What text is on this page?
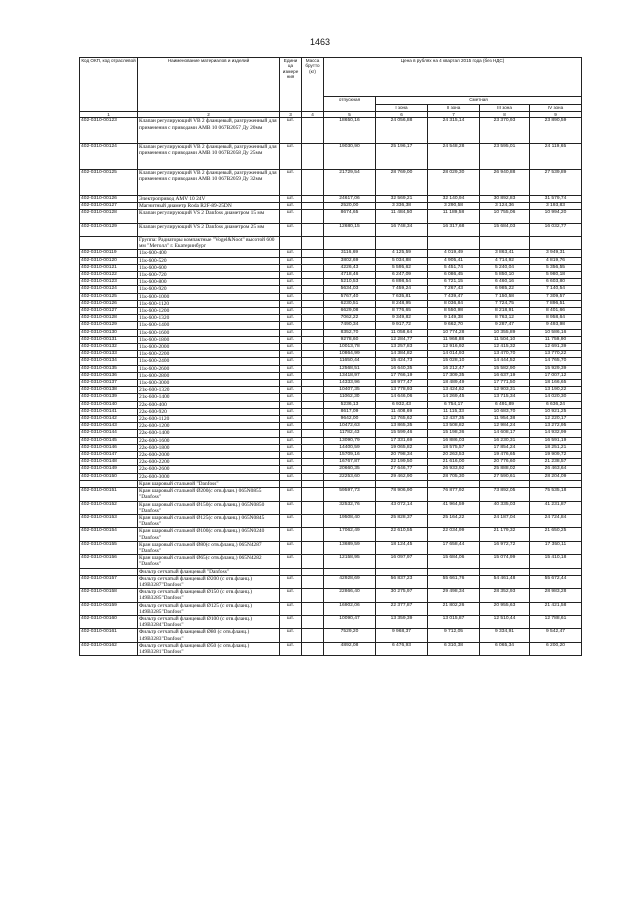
1463
Код ОКП, код отраслевой	Наименование материалов и изделий	Едини ца измере ния	Масса брутто (кг)	Цена в рублях на 4 квартал 2015 года (без НДС)				
				отпускная	Сметная			
					I зона	II зона	III зона	IV зона
1	2	3	4	5	6	7	8	9
402-0310-00123	Клапан регулирующий VB 2 фланцевый, разгруженный для применения с приводами AMB 10 067B2057 Ду 20мм	шт.		18650,16	24 056,88	24 315,14	23 370,93	23 890,59
402-0310-00124	Клапан регулирующий VB 2 фланцевый, разгруженный для применения с приводами AMB 10 067B2058 Ду 25мм	шт.		19030,90	25 196,17	24 548,28	23 595,01	24 119,65
402-0310-00125	Клапан регулирующий VB 2 фланцевый, разгруженный для применения с приводами AMB 10 067B2059 Ду 32мм	шт.		21729,54	28 769,00	28 029,30	26 940,88	27 539,89
402-0310-00126	Электропривод AMV 10 24V	шт.		24617,06	32 569,21	32 140,94	30 892,83	31 579,74
402-0310-00127	Магнитный диаметр Roda R2F-89-25DN	шт.		2520,00	3 336,38	3 290,58	3 124,36	3 193,83
402-0310-00128	Клапан регулирующий VS 2 Danfoss диаметром 15 мм	шт.		8674,65	11 484,50	11 189,58	10 755,06	10 994,20
402-0310-00129	Клапан регулирующий VS 2 Danfoss диаметром 25 мм	шт.		12680,15	16 748,34	16 317,68	15 684,03	16 032,77
	Группа: Радиаторы компактные "Vogel&Noot" высотой 600 мм "Метолл" г. Екатеринбург							
402-0310-00119	11к-600-400	шт.		3116,69	4 125,59	4 019,49	3 863,41	3 949,31
402-0310-00120	11к-600-520	шт.		3802,69	5 034,88	4 905,41	4 714,92	4 819,76
402-0310-00121	11к-600-600	шт.		4226,43	5 595,62	5 451,74	5 240,04	5 356,55
402-0310-00122	11к-600-720	шт.		4718,46	6 247,09	6 086,45	5 850,10	5 980,18
402-0310-00123	11к-600-800	шт.		5210,53	6 898,54	6 721,15	6 460,16	6 603,80
402-0310-00124	11к-600-920	шт.		5634,03	7 459,24	7 267,43	6 985,22	7 140,54
402-0310-00125	11к-600-1000	шт.		5767,40	7 635,81	7 439,47	7 150,58	7 309,57
402-0310-00126	11к-600-1120	шт.		6230,51	8 248,95	8 036,84	7 724,75	7 896,51
402-0310-00127	11к-600-1200	шт.		6629,08	8 776,65	8 550,98	8 218,91	8 401,66
402-0310-00128	11к-600-1320	шт.		7062,22	9 349,82	9 149,38	8 763,12	8 958,64
402-0310-00129	11к-600-1400	шт.		7490,34	9 917,72	9 662,70	9 287,47	9 493,98
402-0310-00130	11к-600-1600	шт.		8352,70	11 058,64	10 774,28	10 355,89	10 586,16
402-0310-00131	11к-600-1800	шт.		9278,60	12 284,77	11 968,88	11 504,10	11 759,90
402-0310-00132	11к-600-2000	шт.		10013,78	13 257,83	12 916,92	12 415,32	12 691,39
402-0310-00133	11к-600-2200	шт.		10864,99	14 384,82	14 014,93	13 470,70	13 770,22
402-0310-00134	11к-600-2400	шт.		11650,44	15 424,73	15 028,10	14 444,52	14 765,70
402-0310-00135	11к-600-2600	шт.		12568,51	16 640,35	16 212,47	15 582,90	15 929,39
402-0310-00136	11к-600-2800	шт.		13418,97	17 766,19	17 309,35	16 637,19	17 007,12
402-0310-00137	11к-600-3000	шт.		14333,96	18 977,47	18 489,49	17 771,50	18 166,65
402-0310-00138	21к-600-1320	шт.		10407,35	13 778,93	13 424,62	12 903,31	13 190,22
402-0310-00139	21к-600-1400	шт.		11062,30	14 646,06	14 269,45	13 715,34	14 020,30
402-0310-00140	22к-600-400	шт.		5236,13	6 932,43	6 754,17	6 491,89	6 636,24
402-0310-00141	22к-600-920	шт.		8617,09	11 408,69	11 115,33	10 683,70	10 921,25
402-0310-00142	22к-600-1120	шт.		9642,00	12 765,62	12 437,35	11 954,38	12 220,17
402-0310-00143	22к-600-1200	шт.		10472,63	13 865,35	13 508,82	12 984,24	13 272,95
402-0310-00144	22к-600-1400	шт.		11782,43	15 599,46	15 198,36	14 608,17	14 932,99
402-0310-00145	22к-600-1600	шт.		13090,79	17 331,69	16 886,03	16 230,31	16 591,19
402-0310-00146	22к-600-1800	шт.		14400,59	19 065,82	18 575,57	17 854,24	18 251,21
402-0310-00147	22к-600-2000	шт.		15709,16	20 798,34	20 263,53	19 476,65	19 909,72
402-0310-00148	22к-600-2200	шт.		16767,87	22 199,50	21 616,00	20 776,60	21 238,57
402-0310-00149	22к-600-2600	шт.		20660,35	27 646,77	26 933,92	25 888,02	26 463,64
402-0310-00150	22к-600-3000	шт.		22253,60	29 462,90	28 705,30	27 590,61	28 204,09
	Кран шаровый стальной "Danfoss"							
402-0310-00151	Кран шаровый стальной Ø200(с отв.флан.) 065N0855 "Danfoss"	шт.		59597,73	78 906,90	76 877,92	73 892,05	75 535,18
402-0310-00152	Кран шаровый стальной Ø150(с отв.фланц.) 065N0850 "Danfoss"	шт.		32532,76	43 072,14	41 964,59	40 335,03	41 231,87
402-0310-00153	Кран шаровый стальной Ø125(с отв.фланц.) 065N0845 "Danfoss"	шт.		19508,40	25 828,37	25 164,22	24 187,04	24 724,84
402-0310-00154	Кран шаровый стальной Ø100(с отв.фланц.) 065N0240 "Danfoss"	шт.		17062,49	22 610,55	22 034,99	21 179,32	21 650,25
402-0310-00155	Кран шаровый стальной Ø80(с отв.фланц.) 065N4287 "Danfoss"	шт.		13689,59	18 124,45	17 658,44	16 972,72	17 350,11
402-0310-00156	Кран шаровый стальной Ø65(с отв.фланц.) 065N4282 "Danfoss"	шт.		12158,95	16 097,97	15 684,06	15 074,99	15 410,18
	Фильтр сетчатый фланцевый "Danfoss"							
402-0310-00157	Фильтр сетчатый фланцевый Ø200 (с отв.фланц.) 149B3287"Danfoss"	шт.		42928,69	56 837,23	55 661,76	54 461,48	55 672,44
402-0310-00158	Фильтр сетчатый фланцевый Ø150 (с отв.фланц.) 149B3285"Danfoss"	шт.		22866,40	30 275,97	29 498,34	28 352,93	28 983,28
402-0310-00159	Фильтр сетчатый фланцевый Ø125 (с отв.фланц.) 149B3285"Danfoss"	шт.		16902,06	22 377,87	21 802,26	20 955,63	21 421,58
402-0310-00160	Фильтр сетчатый фланцевый Ø100 (с отв.фланц.) 149B3284"Danfoss"	шт.		10090,47	13 359,39	13 015,87	12 510,44	12 788,61
402-0310-00161	Фильтр сетчатый фланцевый Ø80 (с отв.фланц.) 149B3283"Danfoss"	шт.		7529,20	9 968,37	9 712,05	9 334,91	9 542,47
402-0310-00162	Фильтр сетчатый фланцевый Ø50 (с отв.фланц.) 149B3281"Danfoss"	шт.		4892,08	6 476,93	6 310,38	6 065,34	6 200,20
